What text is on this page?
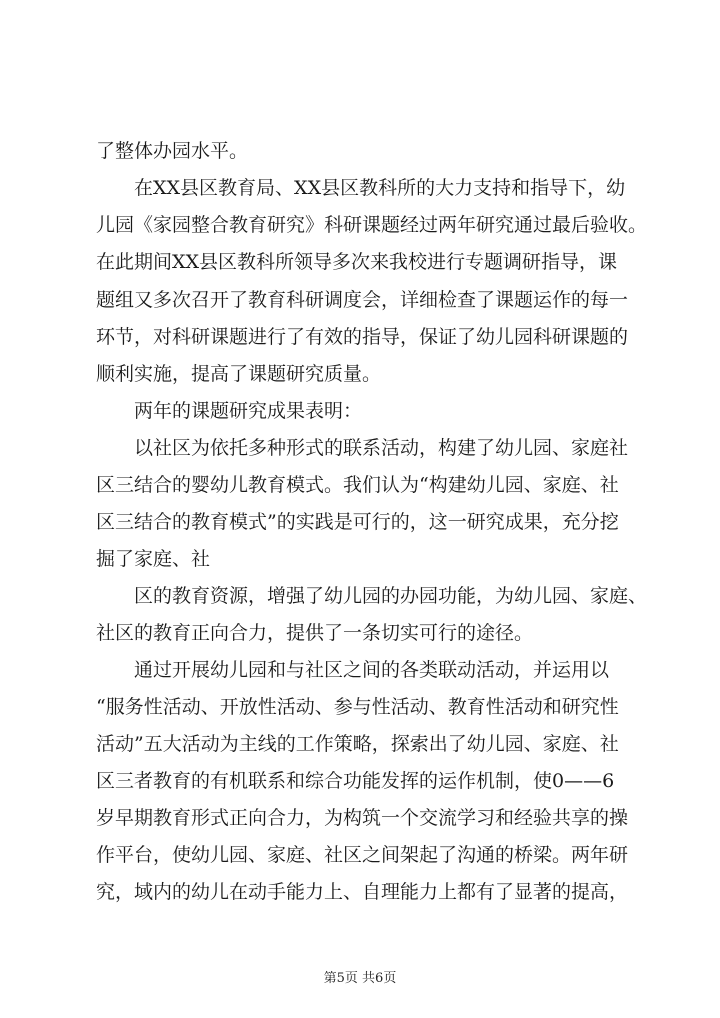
了整体办园水平。
在XX县区教育局、XX县区教科所的大力支持和指导下，幼
儿园《家园整合教育研究》科研课题经过两年研究通过最后验收。
在此期间XX县区教科所领导多次来我校进行专题调研指导，课
题组又多次召开了教育科研调度会，详细检查了课题运作的每一
环节，对科研课题进行了有效的指导，保证了幼儿园科研课题的
顺利实施，提高了课题研究质量。
两年的课题研究成果表明：
以社区为依托多种形式的联系活动，构建了幼儿园、家庭社
区三结合的婴幼儿教育模式。我们认为“构建幼儿园、家庭、社
区三结合的教育模式”的实践是可行的，这一研究成果，充分挖
掘了家庭、社
区的教育资源，增强了幼儿园的办园功能，为幼儿园、家庭、
社区的教育正向合力，提供了一条切实可行的途径。
通过开展幼儿园和与社区之间的各类联动活动，并运用以
“服务性活动、开放性活动、参与性活动、教育性活动和研究性
活动”五大活动为主线的工作策略，探索出了幼儿园、家庭、社
区三者教育的有机联系和综合功能发挥的运作机制，使0——6
岁早期教育形式正向合力，为构筑一个交流学习和经验共享的操
作平台，使幼儿园、家庭、社区之间架起了沟通的桥梁。两年研
究，域内的幼儿在动手能力上、自理能力上都有了显著的提高，
第5页 共6页
